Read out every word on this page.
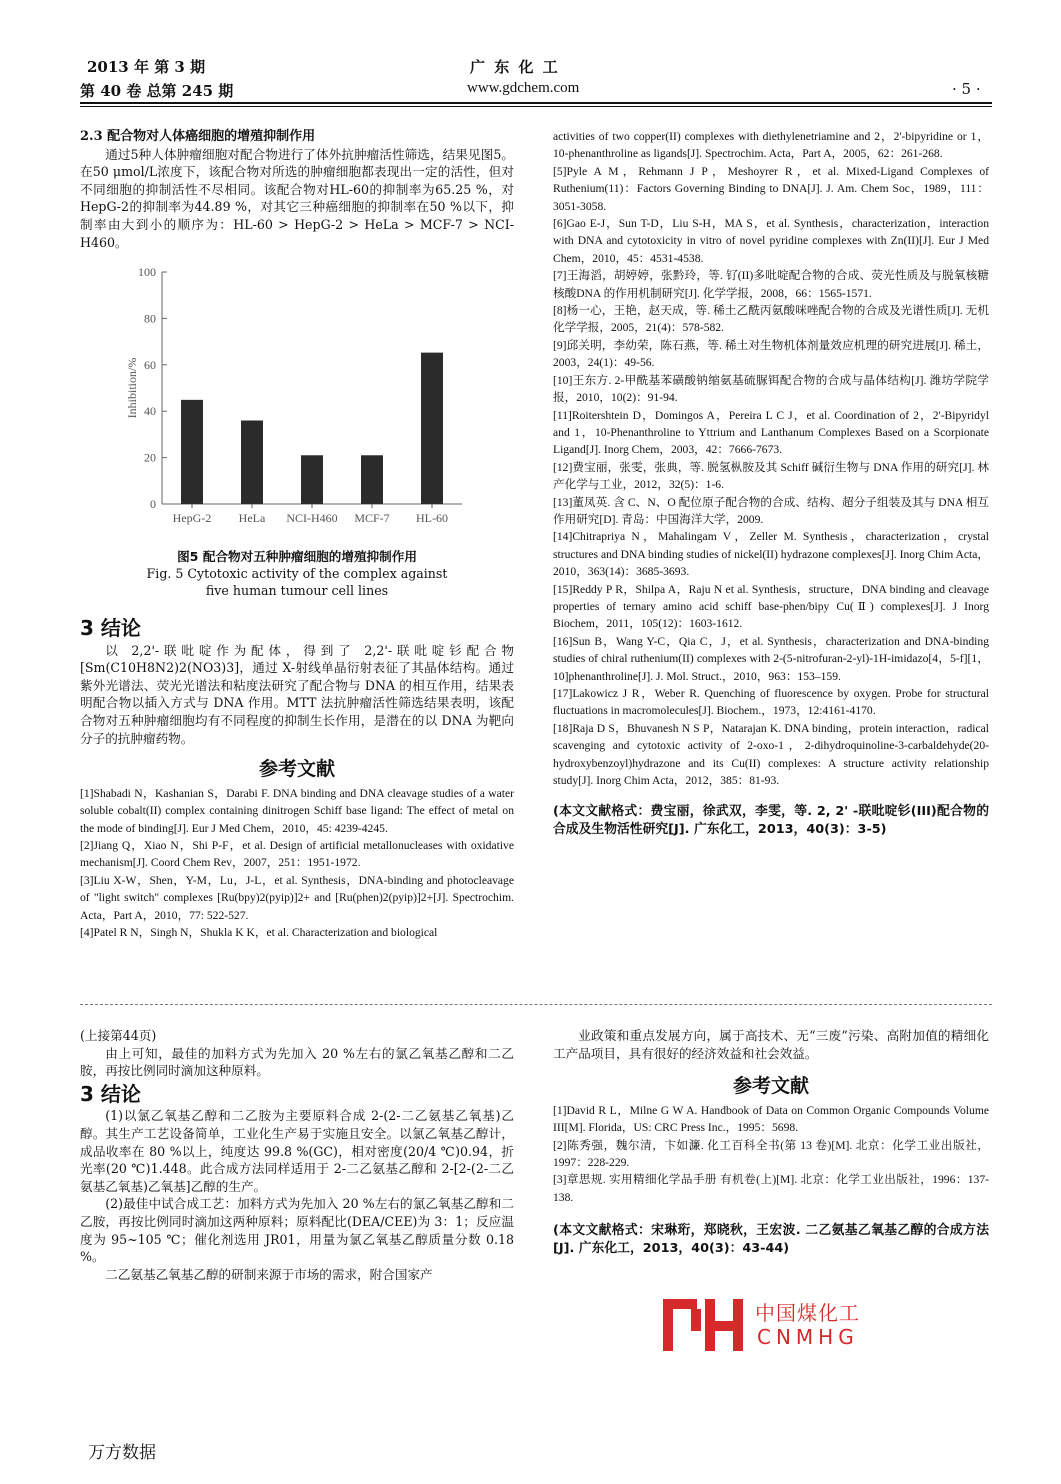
2013 年 第 3 期
第 40 卷 总第 245 期
广 东 化 工
www.gdchem.com	· 5 ·
2.3 配合物对人体癌细胞的增殖抑制作用

通过5种人体肿瘤细胞对配合物进行了体外抗肿瘤活性筛选，结果见图5。在50 μmol/L浓度下，该配合物对所选的肿瘤细胞都表现出一定的活性，但对不同细胞的抑制活性不尽相同。该配合物对HL-60的抑制率为65.25 %，对HepG-2的抑制率为44.89 %，对其它三种癌细胞的抑制率在50 %以下，抑制率由大到小的顺序为：HL-60 > HepG-2 > HeLa > MCF-7 > NCI-H460。

0
20
40
60
80
100
Inhibition/%
HepG-2 HeLa NCI-H460 MCF-7 HL-60
图5 配合物对五种肿瘤细胞的增殖抑制作用
Fig. 5 Cytotoxic activity of the complex against
five human tumour cell lines
3 结论

以 2,2'-联吡啶作为配体，得到了 2,2'-联吡啶钐配合物 [Sm(C10H8N2)2(NO3)3]，通过 X-射线单晶衍射表征了其晶体结构。通过紫外光谱法、荧光光谱法和粘度法研究了配合物与 DNA 的相互作用，结果表明配合物以插入方式与 DNA 作用。MTT 法抗肿瘤活性筛选结果表明，该配合物对五种肿瘤细胞均有不同程度的抑制生长作用，是潜在的以 DNA 为靶向分子的抗肿瘤药物。

参考文献
[1]Shabadi N，Kashanian S，Darabi F. DNA binding and DNA cleavage studies of a water soluble cobalt(II) complex containing dinitrogen Schiff base ligand: The effect of metal on the mode of binding[J]. Eur J Med Chem，2010，45: 4239-4245.
[2]Jiang Q，Xiao N，Shi P-F，et al. Design of artificial metallonucleases with oxidative mechanism[J]. Coord Chem Rev，2007，251：1951-1972.
[3]Liu X-W，Shen，Y-M，Lu，J-L，et al. Synthesis，DNA-binding and photocleavage of "light switch" complexes [Ru(bpy)2(pyip)]2+ and [Ru(phen)2(pyip)]2+[J]. Spectrochim. Acta，Part A，2010，77: 522-527.
[4]Patel R N，Singh N，Shukla K K，et al. Characterization and biological
activities of two copper(II) complexes with diethylenetriamine and 2，2'-bipyridine or 1，10-phenanthroline as ligands[J]. Spectrochim. Acta，Part A，2005，62：261-268.
[5]Pyle A M，Rehmann J P，Meshoyrer R，et al. Mixed-Ligand Complexes of Ruthenium(11)：Factors Governing Binding to DNA[J]. J. Am. Chem Soc，1989，111：3051-3058.
[6]Gao E-J，Sun T-D，Liu S-H，MA S，et al. Synthesis，characterization，interaction with DNA and cytotoxicity in vitro of novel pyridine complexes with Zn(II)[J]. Eur J Med Chem，2010，45：4531-4538.
[7]王海滔，胡婷婷，张黔玲，等. 钌(II)多吡啶配合物的合成、荧光性质及与脱氧核糖核酸DNA 的作用机制研究[J]. 化学学报，2008，66：1565-1571.
[8]杨一心，王艳，赵天成，等. 稀土乙酰丙氨酸咪唑配合物的合成及光谱性质[J]. 无机化学学报，2005，21(4)：578-582.
[9]邱关明，李幼荣，陈石燕，等. 稀土对生物机体剂量效应机理的研究进展[J]. 稀土，2003，24(1)：49-56.
[10]王东方. 2-甲酰基苯磺酸钠缩氨基硫脲铒配合物的合成与晶体结构[J]. 潍坊学院学报，2010，10(2)：91-94.
[11]Roitershtein D，Domingos A，Pereira L C J，et al. Coordination of 2，2'-Bipyridyl and 1，10-Phenanthroline to Yttrium and Lanthanum Complexes Based on a Scorpionate Ligand[J]. Inorg Chem，2003，42：7666-7673.
[12]费宝丽，张雯，张典，等. 脱氢枞胺及其 Schiff 碱衍生物与 DNA 作用的研究[J]. 林产化学与工业，2012，32(5)：1-6.
[13]董凤英. 含 C、N、O 配位原子配合物的合成、结构、超分子组装及其与 DNA 相互作用研究[D]. 青岛：中国海洋大学，2009.
[14]Chitrapriya N，Mahalingam V，Zeller M. Synthesis，characterization，crystal structures and DNA binding studies of nickel(II) hydrazone complexes[J]. Inorg Chim Acta，2010，363(14)：3685-3693.
[15]Reddy P R，Shilpa A，Raju N et al. Synthesis，structure，DNA binding and cleavage properties of ternary amino acid schiff base-phen/bipy Cu(Ⅱ) complexes[J]. J Inorg Biochem，2011，105(12)：1603-1612.
[16]Sun B，Wang Y-C，Qia C，J，et al. Synthesis，characterization and DNA-binding studies of chiral ruthenium(II) complexes with 2-(5-nitrofuran-2-yl)-1H-imidazo[4，5-f][1，10]phenanthroline[J]. J. Mol. Struct.，2010，963：153–159.
[17]Lakowicz J R，Weber R. Quenching of fluorescence by oxygen. Probe for structural fluctuations in macromolecules[J]. Biochem.，1973，12:4161-4170.
[18]Raja D S，Bhuvanesh N S P，Natarajan K. DNA binding，protein interaction，radical scavenging and cytotoxic activity of 2-oxo-1，2-dihydroquinoline-3-carbaldehyde(20-hydroxybenzoyl)hydrazone and its Cu(II) complexes: A structure activity relationship study[J]. Inorg Chim Acta，2012，385：81-93.
(本文文献格式：费宝丽，徐武双，李雯，等. 2, 2' -联吡啶钐(III)配合物的合成及生物活性研究[J]. 广东化工，2013，40(3)：3-5)
(上接第44页)

由上可知，最佳的加料方式为先加入 20 %左右的氯乙氧基乙醇和二乙胺，再按比例同时滴加这种原料。

3 结论

(1)以氯乙氧基乙醇和二乙胺为主要原料合成 2-(2-二乙氨基乙氧基)乙醇。其生产工艺设备简单，工业化生产易于实施且安全。以氯乙氧基乙醇计，成品收率在 80 %以上，纯度达 99.8 %(GC)，相对密度(20/4 ℃)0.94，折光率(20 ℃)1.448。此合成方法同样适用于 2-二乙氨基乙醇和 2-[2-(2-二乙氨基乙氧基)乙氧基]乙醇的生产。

(2)最佳中试合成工艺：加料方式为先加入 20 %左右的氯乙氧基乙醇和二乙胺，再按比例同时滴加这两种原料；原料配比(DEA/CEE)为 3：1；反应温度为 95~105 ℃；催化剂选用 JR01，用量为氯乙氧基乙醇质量分数 0.18 %。

二乙氨基乙氧基乙醇的研制来源于市场的需求，附合国家产

业政策和重点发展方向，属于高技术、无“三废”污染、高附加值的精细化工产品项目，具有很好的经济效益和社会效益。

参考文献
[1]David R L，Milne G W A. Handbook of Data on Common Organic Compounds Volume III[M]. Florida，US: CRC Press Inc.，1995：5698.
[2]陈秀强，魏尔清，卞如濂. 化工百科全书(第 13 卷)[M]. 北京：化学工业出版社，1997：228-229.
[3]章思规. 实用精细化学品手册 有机卷(上)[M]. 北京：化学工业出版社，1996：137-138.
(本文文献格式：宋琳珩，郑晓秋，王宏波. 二乙氨基乙氧基乙醇的合成方法[J]. 广东化工，2013，40(3)：43-44)
中国煤化工
CNMHG
万方数据
